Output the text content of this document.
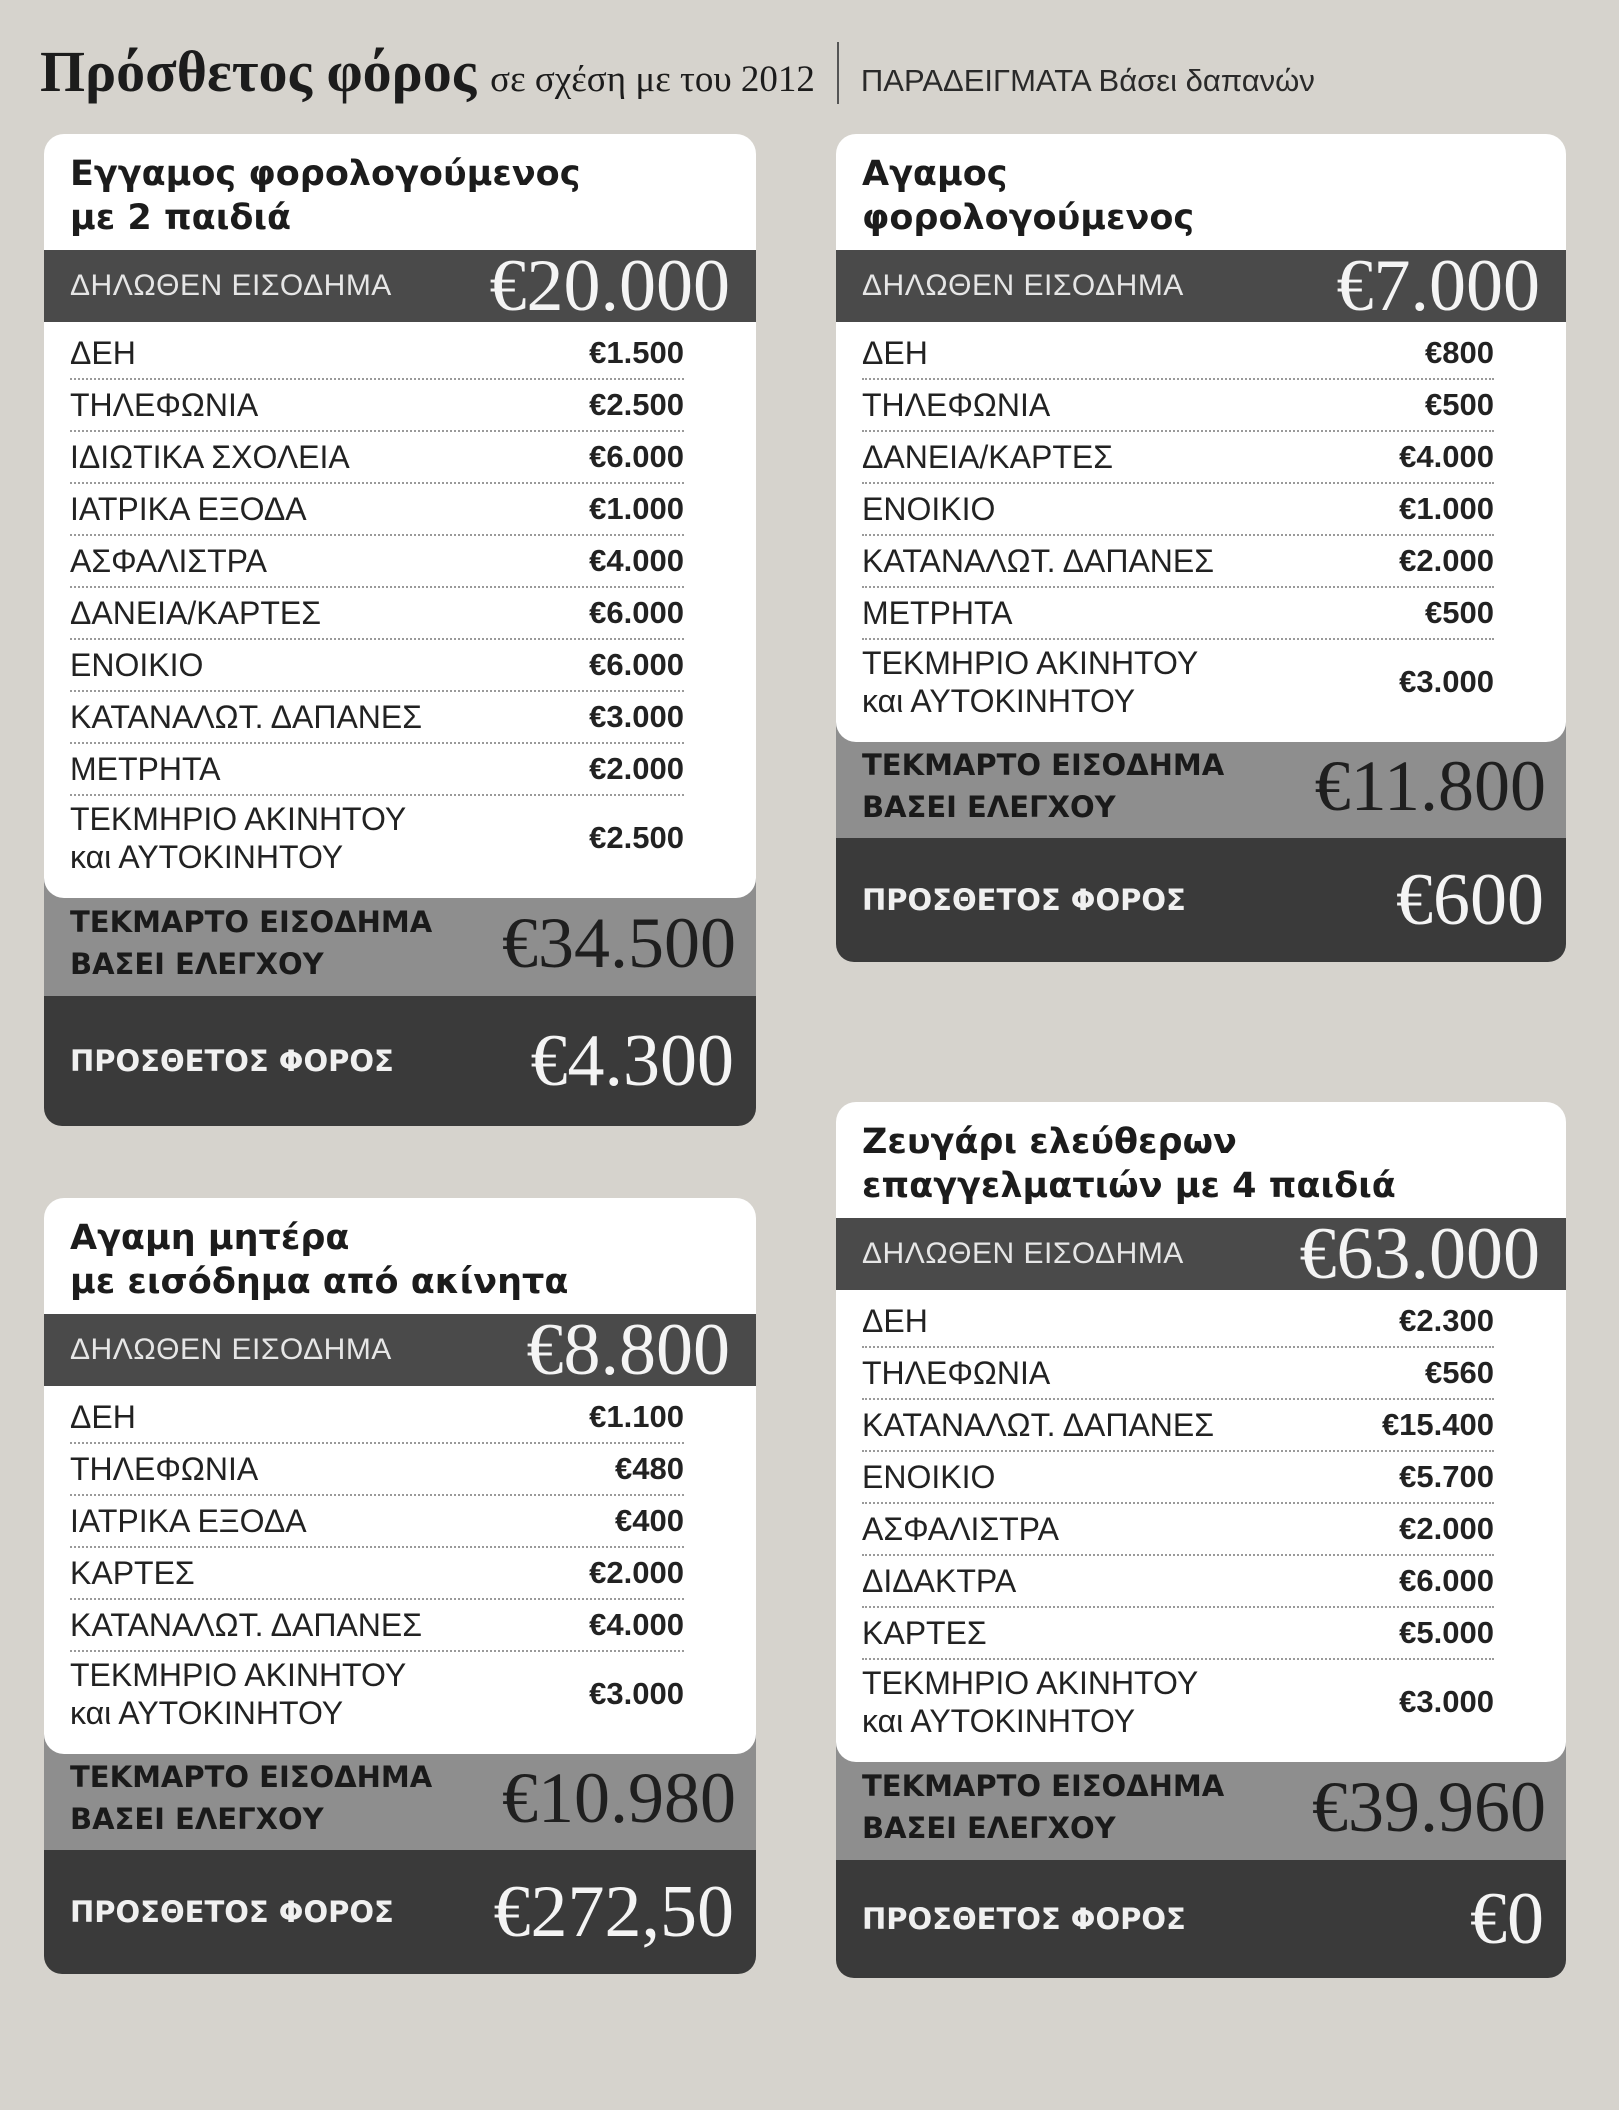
Πρόσθετος φόρος σε σχέση με του 2012 ΠΑΡΑΔΕΙΓΜΑΤΑ Βάσει δαπανών
Εγγαμος φορολογούμενος
με 2 παιδιά
ΔΗΛΩΘΕΝ ΕΙΣΟΔΗΜΑ €20.000
ΔΕΗ	€1.500
ΤΗΛΕΦΩΝΙΑ	€2.500
ΙΔΙΩΤΙΚΑ ΣΧΟΛΕΙΑ	€6.000
ΙΑΤΡΙΚΑ ΕΞΟΔΑ	€1.000
ΑΣΦΑΛΙΣΤΡΑ	€4.000
ΔΑΝΕΙΑ/ΚΑΡΤΕΣ	€6.000
ΕΝΟΙΚΙΟ	€6.000
ΚΑΤΑΝΑΛΩΤ. ΔΑΠΑΝΕΣ	€3.000
ΜΕΤΡΗΤΑ	€2.000
ΤΕΚΜΗΡΙΟ ΑΚΙΝΗΤΟΥ
και ΑΥΤΟΚΙΝΗΤΟΥ
€2.500
ΤΕΚΜΑΡΤΟ ΕΙΣΟΔΗΜΑ
ΒΑΣΕΙ ΕΛΕΓΧΟΥ	€34.500
ΠΡΟΣΘΕΤΟΣ ΦΟΡΟΣ €4.300
Αγαμος
φορολογούμενος
ΔΗΛΩΘΕΝ ΕΙΣΟΔΗΜΑ €7.000
ΔΕΗ	€800
ΤΗΛΕΦΩΝΙΑ	€500
ΔΑΝΕΙΑ/ΚΑΡΤΕΣ	€4.000
ΕΝΟΙΚΙΟ	€1.000
ΚΑΤΑΝΑΛΩΤ. ΔΑΠΑΝΕΣ	€2.000
ΜΕΤΡΗΤΑ	€500
ΤΕΚΜΗΡΙΟ ΑΚΙΝΗΤΟΥ
και ΑΥΤΟΚΙΝΗΤΟΥ
€3.000
ΤΕΚΜΑΡΤΟ ΕΙΣΟΔΗΜΑ
ΒΑΣΕΙ ΕΛΕΓΧΟΥ	€11.800
ΠΡΟΣΘΕΤΟΣ ΦΟΡΟΣ	€600
Αγαμη μητέρα
με εισόδημα από ακίνητα
ΔΗΛΩΘΕΝ ΕΙΣΟΔΗΜΑ €8.800
ΔΕΗ	€1.100
ΤΗΛΕΦΩΝΙΑ	€480
ΙΑΤΡΙΚΑ ΕΞΟΔΑ	€400
ΚΑΡΤΕΣ	€2.000
ΚΑΤΑΝΑΛΩΤ. ΔΑΠΑΝΕΣ	€4.000
ΤΕΚΜΗΡΙΟ ΑΚΙΝΗΤΟΥ
και ΑΥΤΟΚΙΝΗΤΟΥ
€3.000
ΤΕΚΜΑΡΤΟ ΕΙΣΟΔΗΜΑ
ΒΑΣΕΙ ΕΛΕΓΧΟΥ	€10.980
ΠΡΟΣΘΕΤΟΣ ΦΟΡΟΣ €272,50
Ζευγάρι ελεύθερων
επαγγελματιών με 4 παιδιά
ΔΗΛΩΘΕΝ ΕΙΣΟΔΗΜΑ €63.000
ΔΕΗ	€2.300
ΤΗΛΕΦΩΝΙΑ	€560
ΚΑΤΑΝΑΛΩΤ. ΔΑΠΑΝΕΣ	€15.400
ΕΝΟΙΚΙΟ	€5.700
ΑΣΦΑΛΙΣΤΡΑ	€2.000
ΔΙΔΑΚΤΡΑ	€6.000
ΚΑΡΤΕΣ	€5.000
ΤΕΚΜΗΡΙΟ ΑΚΙΝΗΤΟΥ
και ΑΥΤΟΚΙΝΗΤΟΥ
€3.000
ΤΕΚΜΑΡΤΟ ΕΙΣΟΔΗΜΑ
ΒΑΣΕΙ ΕΛΕΓΧΟΥ	€39.960
ΠΡΟΣΘΕΤΟΣ ΦΟΡΟΣ	€0
